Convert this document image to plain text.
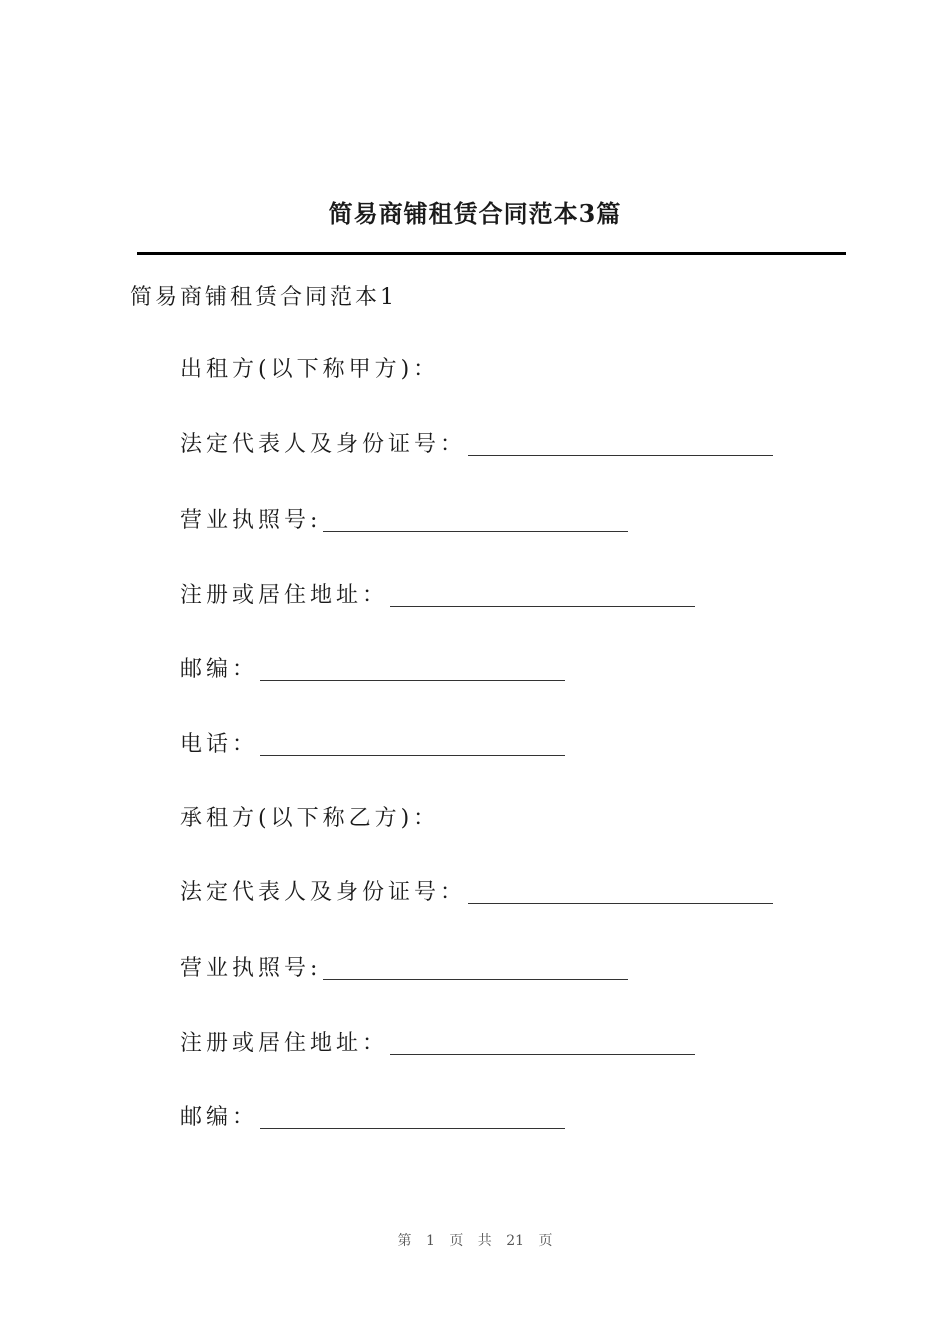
简易商铺租赁合同范本3篇
简易商铺租赁合同范本1
出租方(以下称甲方)：
法定代表人及身份证号：
营业执照号:
注册或居住地址：
邮编：
电话：
承租方(以下称乙方)：
法定代表人及身份证号：
营业执照号:
注册或居住地址：
邮编：
第 1 页 共 21 页
